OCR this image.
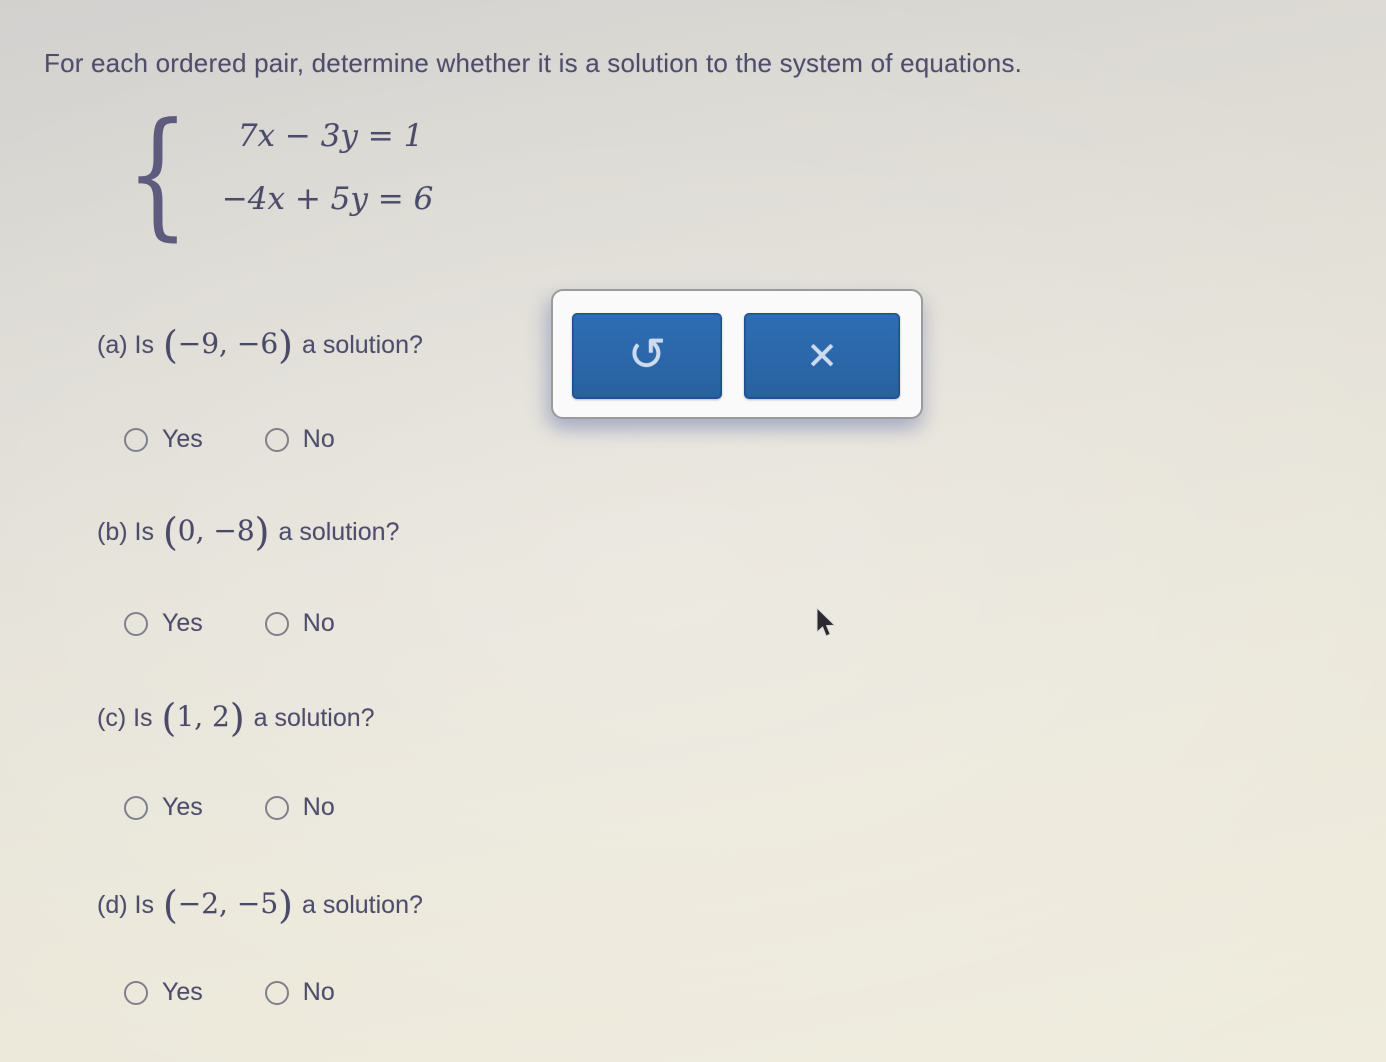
For each ordered pair, determine whether it is a solution to the system of equations.
{ 7x − 3y = 1
−4x + 5y = 6
↺	✕
(a) Is (−9, −6) a solution?
Yes	No
(b) Is (0, −8) a solution?
Yes	No
(c) Is (1, 2) a solution?
Yes	No
(d) Is (−2, −5) a solution?
Yes	No
